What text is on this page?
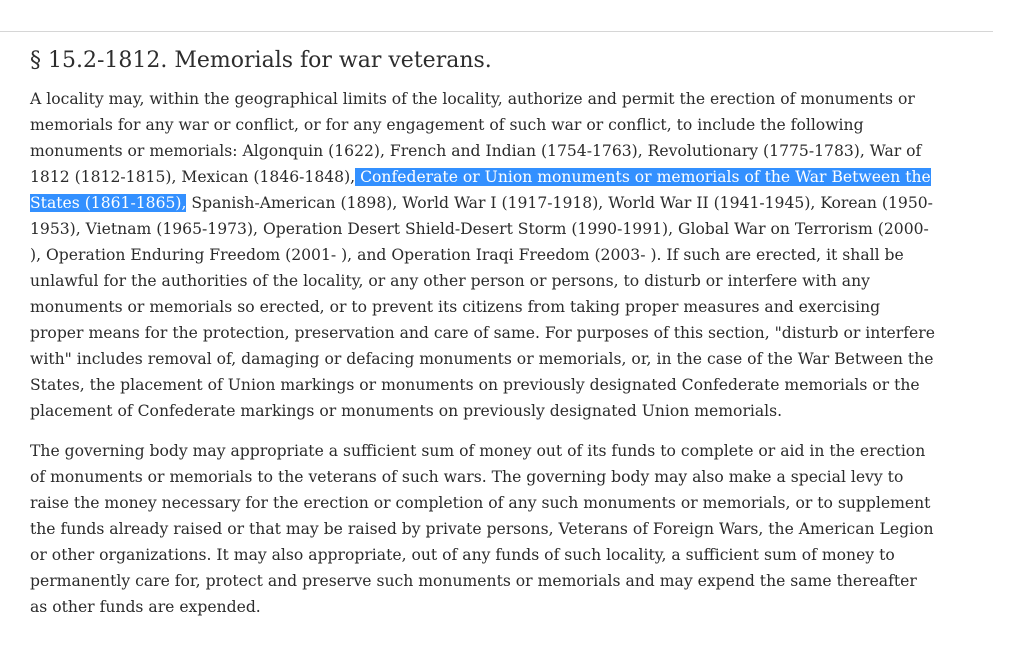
§ 15.2-1812. Memorials for war veterans.

A locality may, within the geographical limits of the locality, authorize and permit the erection of monuments or memorials for any war or conflict, or for any engagement of such war or conflict, to include the following monuments or memorials: Algonquin (1622), French and Indian (1754-1763), Revolutionary (1775-1783), War of 1812 (1812-1815), Mexican (1846-1848), Confederate or Union monuments or memorials of the War Between the States (1861-1865), Spanish-American (1898), World War I (1917-1918), World War II (1941-1945), Korean (1950-1953), Vietnam (1965-1973), Operation Desert Shield-Desert Storm (1990-1991), Global War on Terrorism (2000- ), Operation Enduring Freedom (2001- ), and Operation Iraqi Freedom (2003- ). If such are erected, it shall be unlawful for the authorities of the locality, or any other person or persons, to disturb or interfere with any monuments or memorials so erected, or to prevent its citizens from taking proper measures and exercising proper means for the protection, preservation and care of same. For purposes of this section, "disturb or interfere with" includes removal of, damaging or defacing monuments or memorials, or, in the case of the War Between the States, the placement of Union markings or monuments on previously designated Confederate memorials or the placement of Confederate markings or monuments on previously designated Union memorials.

The governing body may appropriate a sufficient sum of money out of its funds to complete or aid in the erection of monuments or memorials to the veterans of such wars. The governing body may also make a special levy to raise the money necessary for the erection or completion of any such monuments or memorials, or to supplement the funds already raised or that may be raised by private persons, Veterans of Foreign Wars, the American Legion or other organizations. It may also appropriate, out of any funds of such locality, a sufficient sum of money to permanently care for, protect and preserve such monuments or memorials and may expend the same thereafter as other funds are expended.
